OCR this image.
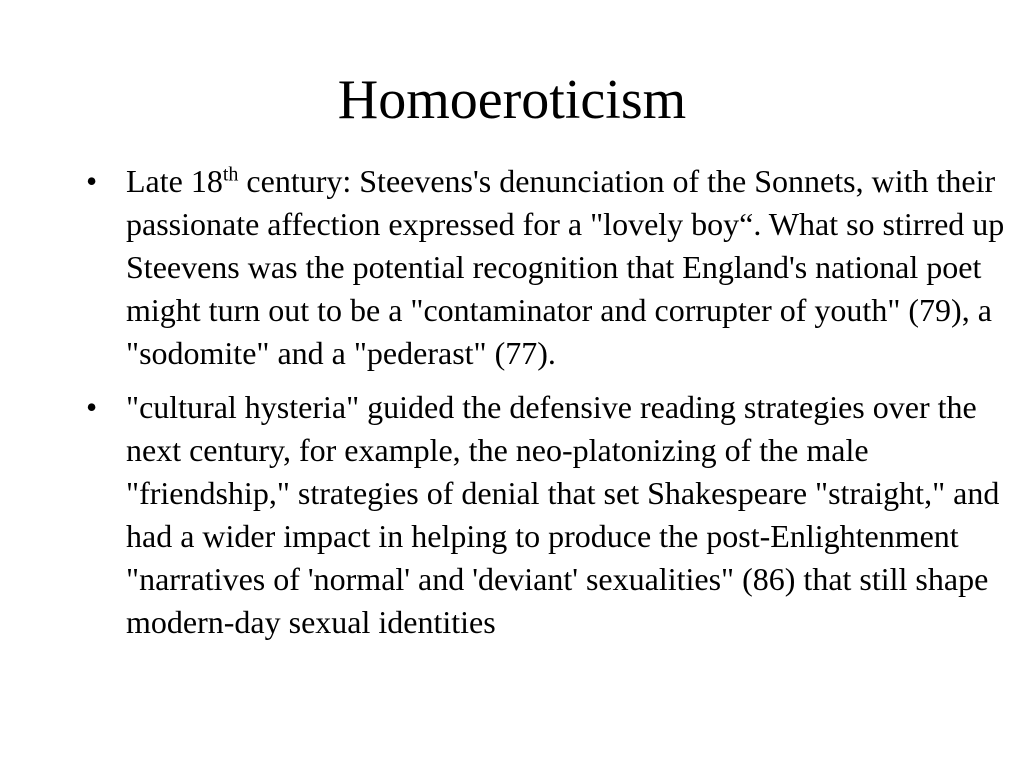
Homoeroticism
• Late 18th century: Steevens's denunciation of the Sonnets, with their passionate affection expressed for a "lovely boy“. What so stirred up Steevens was the potential recognition that England's national poet might turn out to be a "contaminator and corrupter of youth" (79), a "sodomite" and a "pederast" (77).
• "cultural hysteria" guided the defensive reading strategies over the next century, for example, the neo-platonizing of the male "friendship," strategies of denial that set Shakespeare "straight," and had a wider impact in helping to produce the post-Enlightenment "narratives of 'normal' and 'deviant' sexualities" (86) that still shape modern-day sexual identities
